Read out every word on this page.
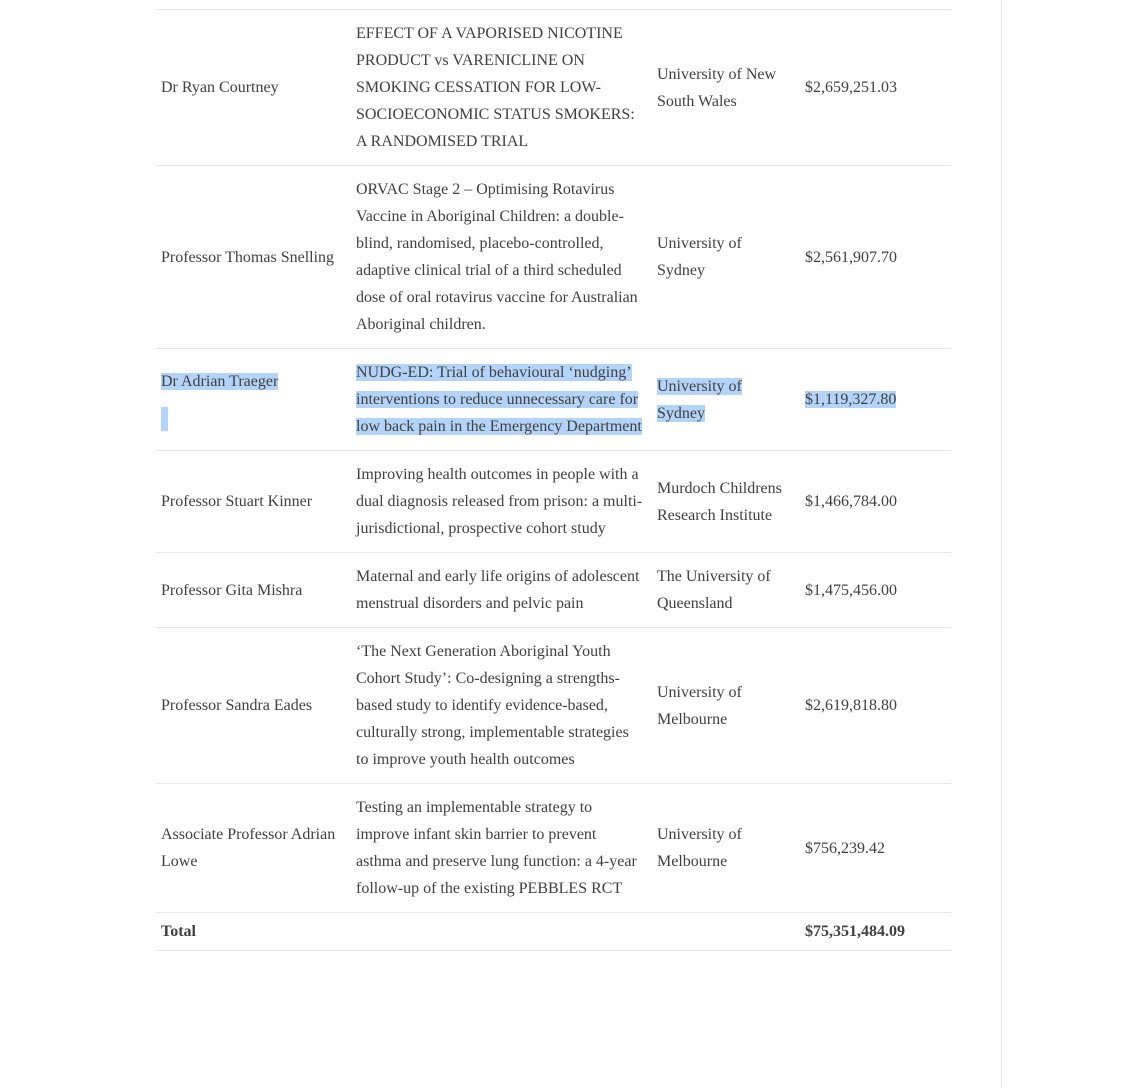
Dr Ryan Courtney	EFFECT OF A VAPORISED NICOTINE PRODUCT vs VARENICLINE ON SMOKING CESSATION FOR LOW-SOCIOECONOMIC STATUS SMOKERS: A RANDOMISED TRIAL	University of New South Wales	$2,659,251.03
Professor Thomas Snelling	ORVAC Stage 2 – Optimising Rotavirus Vaccine in Aboriginal Children: a double-blind, randomised, placebo-controlled, adaptive clinical trial of a third scheduled dose of oral rotavirus vaccine for Australian Aboriginal children.	University of Sydney	$2,561,907.70
Dr Adrian Traeger	NUDG-ED: Trial of behavioural ‘nudging’ interventions to reduce unnecessary care for low back pain in the Emergency Department	University of Sydney	$1,119,327.80
Professor Stuart Kinner	Improving health outcomes in people with a dual diagnosis released from prison: a multi-jurisdictional, prospective cohort study	Murdoch Childrens Research Institute	$1,466,784.00
Professor Gita Mishra	Maternal and early life origins of adolescent menstrual disorders and pelvic pain	The University of Queensland	$1,475,456.00
Professor Sandra Eades	‘The Next Generation Aboriginal Youth Cohort Study’: Co-designing a strengths-based study to identify evidence-based, culturally strong, implementable strategies to improve youth health outcomes	University of Melbourne	$2,619,818.80
Associate Professor Adrian Lowe	Testing an implementable strategy to improve infant skin barrier to prevent asthma and preserve lung function: a 4-year follow-up of the existing PEBBLES RCT	University of Melbourne	$756,239.42
Total			$75,351,484.09
